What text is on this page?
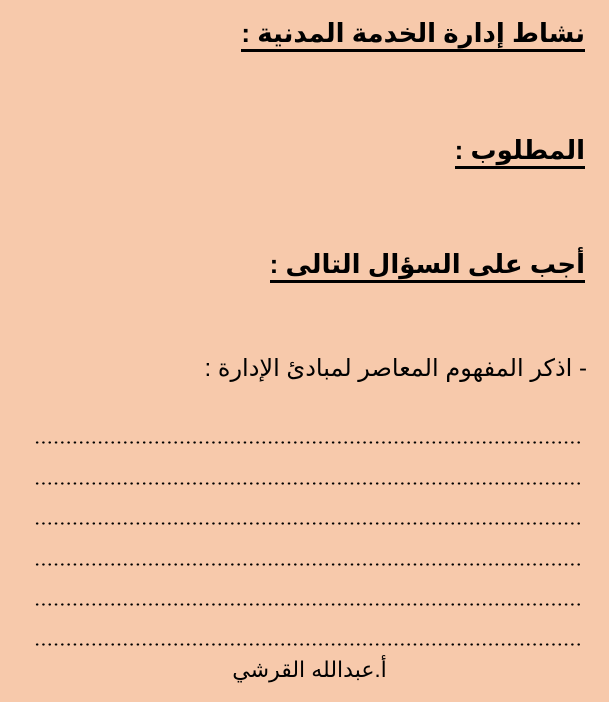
نشاط إدارة الخدمة المدنية :
المطلوب :
أجب على السؤال التالى :
- اذكر المفهوم المعاصر لمبادئ الإدارة :
أ.عبدالله القرشي
